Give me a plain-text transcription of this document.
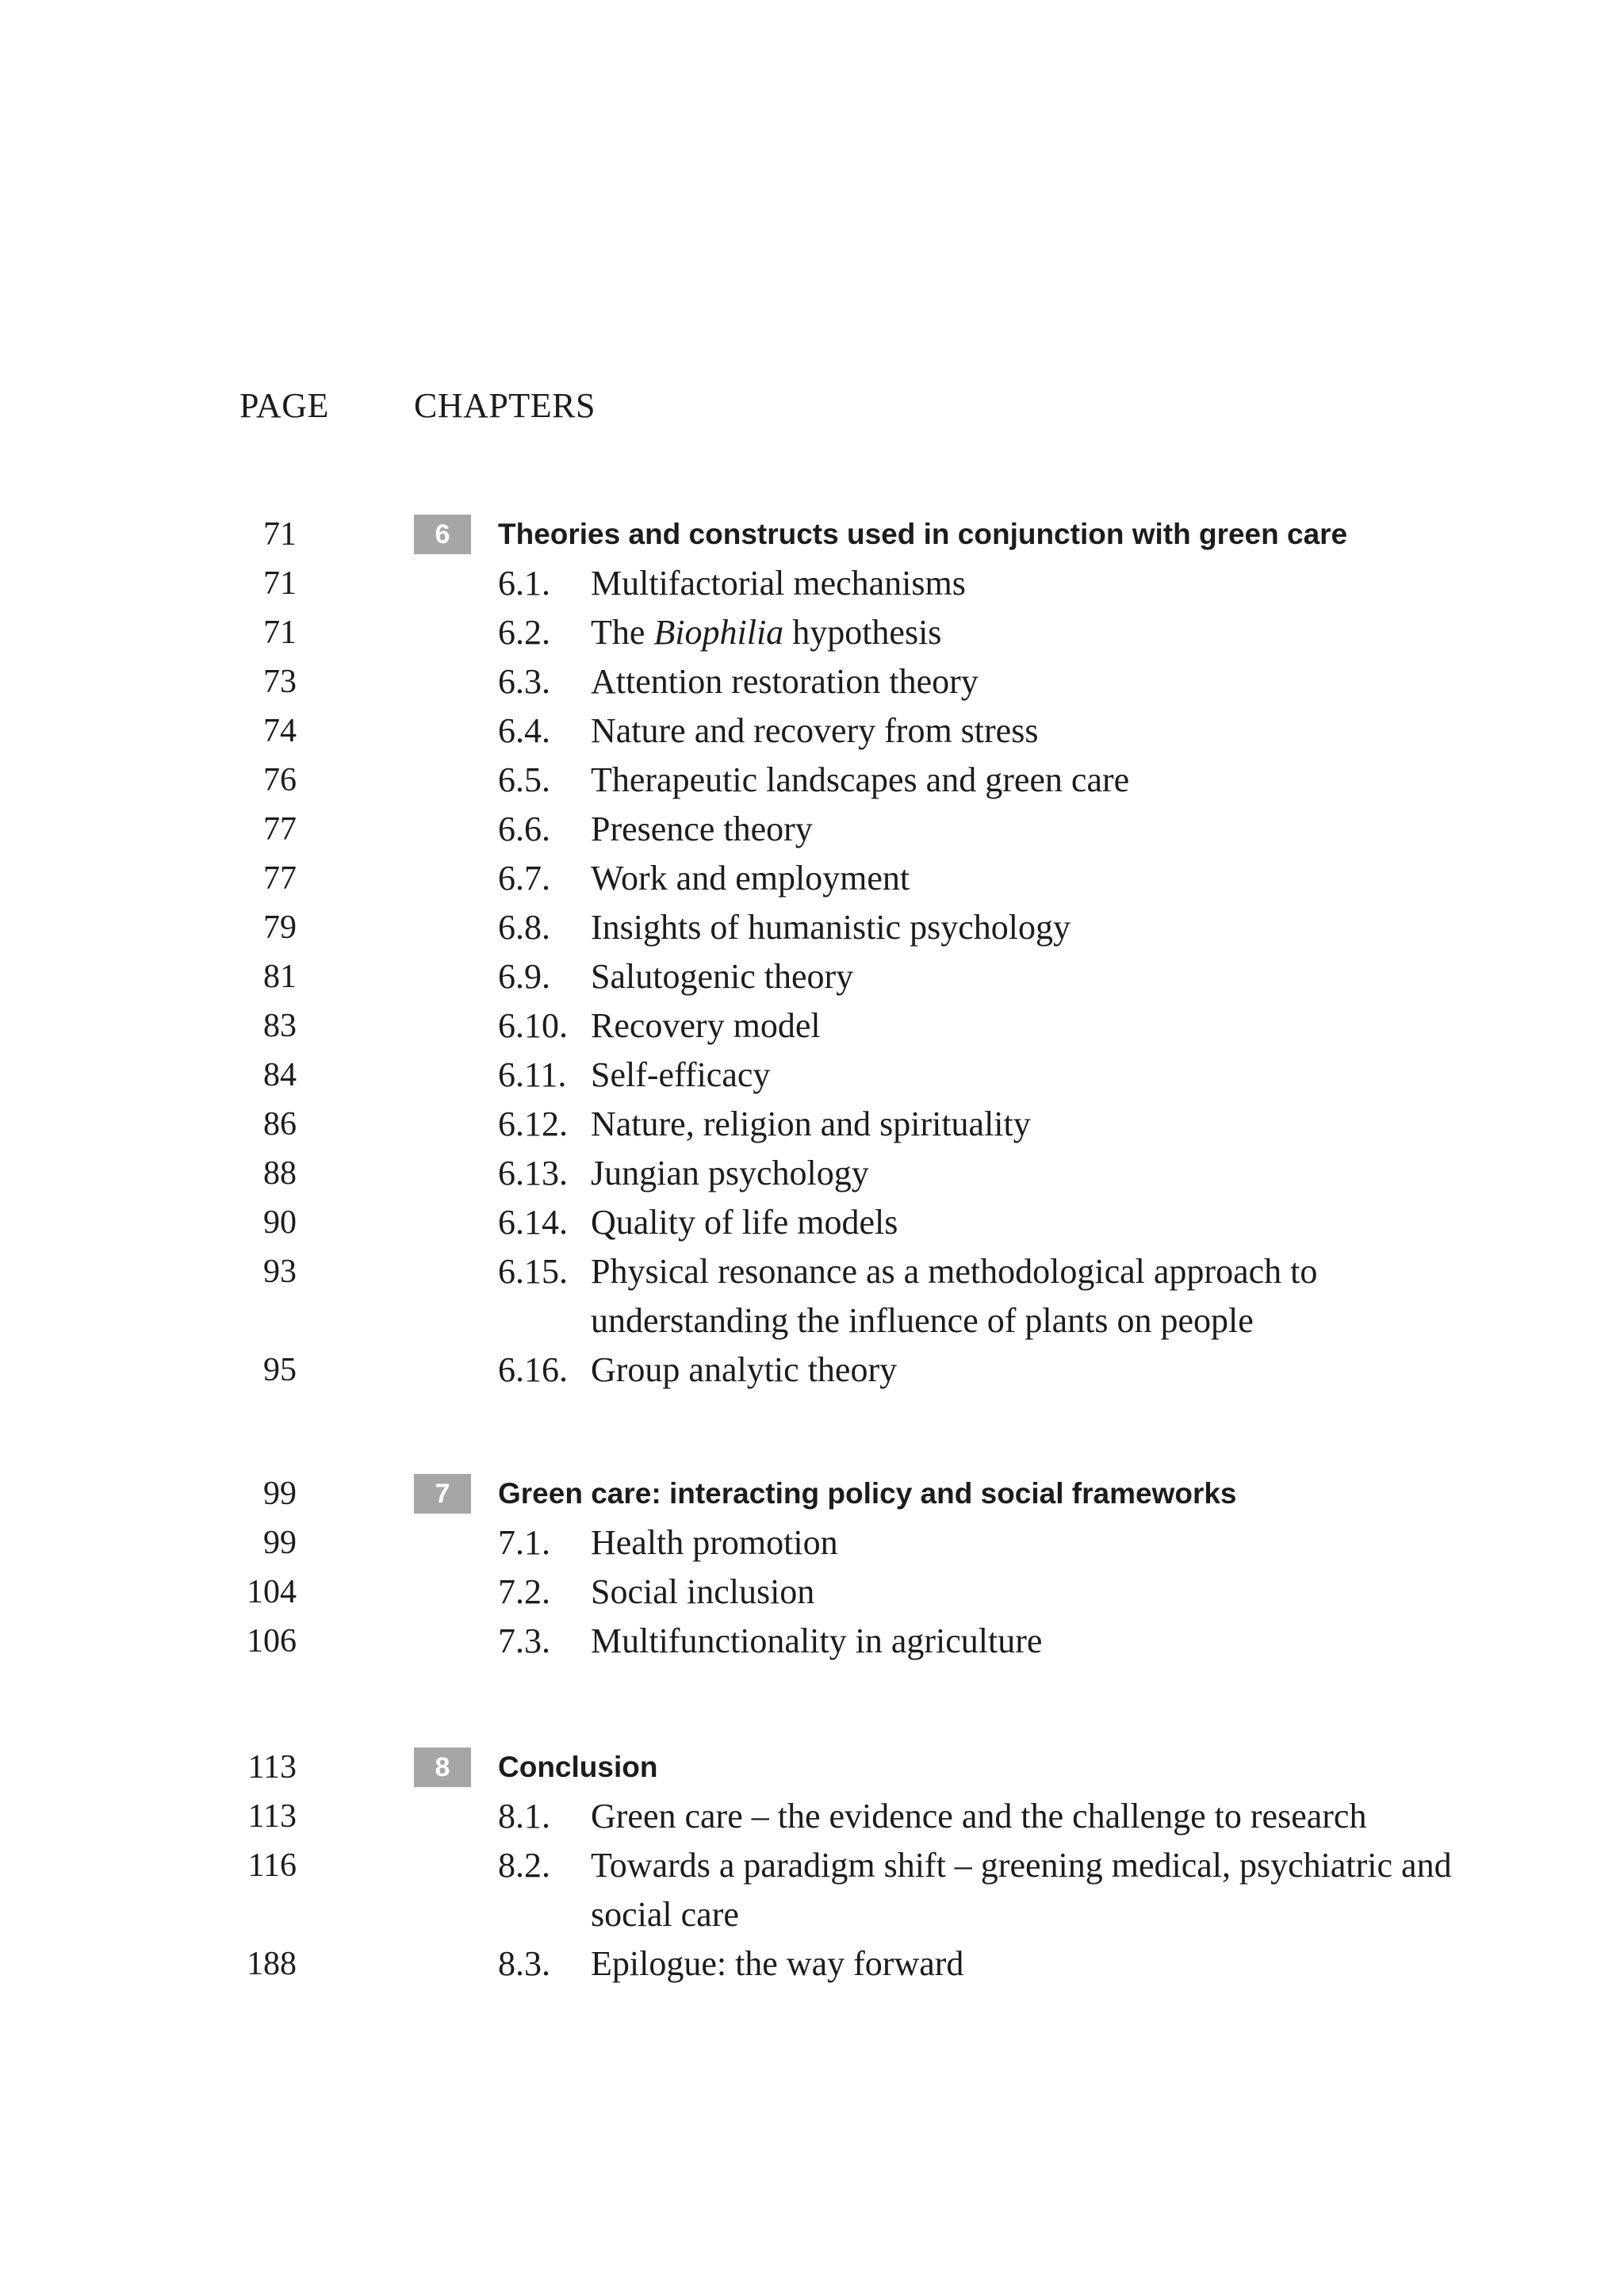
PAGE CHAPTERS
71	6	Theories and constructs used in conjunction with green care
71	6.1. Multifactorial mechanisms
71	6.2. The Biophilia hypothesis
73	6.3. Attention restoration theory
74	6.4. Nature and recovery from stress
76	6.5. Therapeutic landscapes and green care
77	6.6. Presence theory
77	6.7. Work and employment
79	6.8. Insights of humanistic psychology
81	6.9. Salutogenic theory
83	6.10. Recovery model
84	6.11. Self-efficacy
86	6.12. Nature, religion and spirituality
88	6.13. Jungian psychology
90	6.14. Quality of life models
93	6.15. Physical resonance as a methodological approach to understanding the influence of plants on people
95	6.16. Group analytic theory
99	7	Green care: interacting policy and social frameworks
99	7.1. Health promotion
104	7.2. Social inclusion
106	7.3. Multifunctionality in agriculture
113	8	Conclusion
113	8.1. Green care – the evidence and the challenge to research
116	8.2. Towards a paradigm shift – greening medical, psychiatric and social care
188	8.3. Epilogue: the way forward
